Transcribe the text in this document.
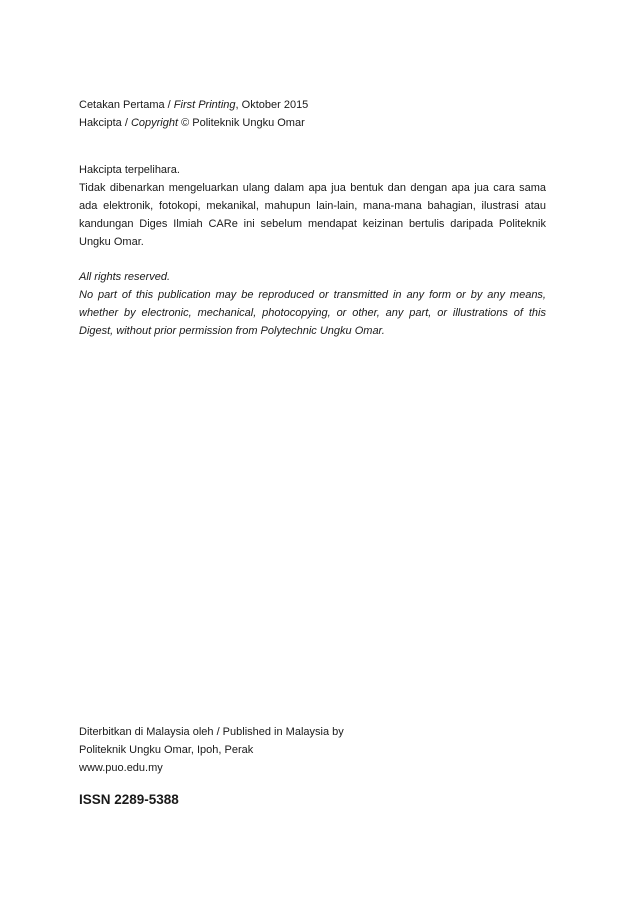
Cetakan Pertama / First Printing, Oktober 2015

Hakcipta / Copyright © Politeknik Ungku Omar

Hakcipta terpelihara.

Tidak dibenarkan mengeluarkan ulang dalam apa jua bentuk dan dengan apa jua cara sama ada elektronik, fotokopi, mekanikal, mahupun lain-lain, mana-mana bahagian, ilustrasi atau kandungan Diges Ilmiah CARe ini sebelum mendapat keizinan bertulis daripada Politeknik Ungku Omar.

All rights reserved.

No part of this publication may be reproduced or transmitted in any form or by any means, whether by electronic, mechanical, photocopying, or other, any part, or illustrations of this Digest, without prior permission from Polytechnic Ungku Omar.

Diterbitkan di Malaysia oleh / Published in Malaysia by

Politeknik Ungku Omar, Ipoh, Perak

www.puo.edu.my

ISSN 2289-5388
